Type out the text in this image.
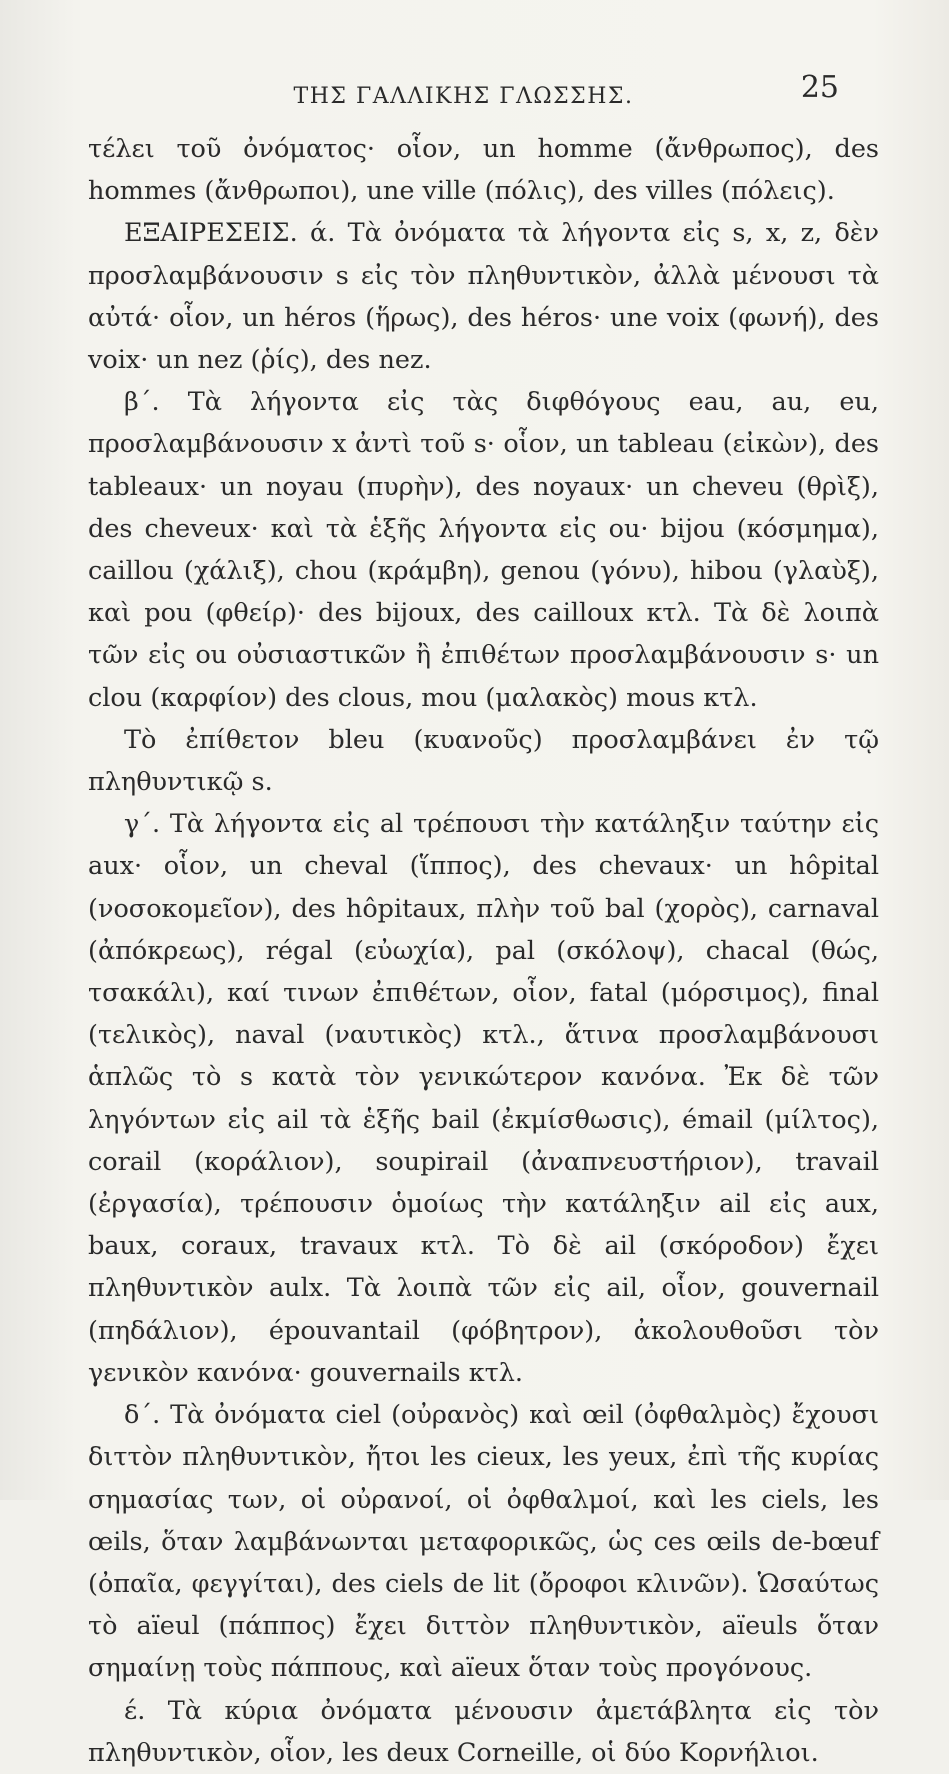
ΤΗΣ ΓΑΛΛΙΚΗΣ ΓΛΩΣΣΗΣ.	25

τέλει τοῦ ὀνόματος· οἷον, un homme (ἄνθρωπος), des hommes (ἄνθρωποι), une ville (πόλις), des villes (πόλεις).

ΕΞΑΙΡΕΣΕΙΣ. ά. Τὰ ὀνόματα τὰ λήγοντα εἰς s, x, z, δὲν προσλαμβάνουσιν s εἰς τὸν πληθυντικὸν, ἀλλὰ μένουσι τὰ αὐτά· οἷον, un héros (ἥρως), des héros· une voix (φωνή), des voix· un nez (ῥίς), des nez.

β΄. Τὰ λήγοντα εἰς τὰς διφθόγους eau, au, eu, προσλαμβάνουσιν x ἀντὶ τοῦ s· οἷον, un tableau (εἰκὼν), des tableaux· un noyau (πυρὴν), des noyaux· un cheveu (θρὶξ), des cheveux· καὶ τὰ ἑξῆς λήγοντα εἰς ou· bijou (κόσμημα), caillou (χάλιξ), chou (κράμβη), genou (γόνυ), hibou (γλαὺξ), καὶ pou (φθείρ)· des bijoux, des cailloux κτλ. Τὰ δὲ λοιπὰ τῶν εἰς ou οὐσιαστικῶν ἢ ἐπιθέτων προσλαμβάνουσιν s· un clou (καρφίον) des clous, mou (μαλακὸς) mous κτλ.

Τὸ ἐπίθετον bleu (κυανοῦς) προσλαμβάνει ἐν τῷ πληθυντικῷ s.

γ΄. Τὰ λήγοντα εἰς al τρέπουσι τὴν κατάληξιν ταύτην εἰς aux· οἷον, un cheval (ἵππος), des chevaux· un hôpital (νοσοκομεῖον), des hôpitaux, πλὴν τοῦ bal (χορὸς), carnaval (ἀπόκρεως), régal (εὐωχία), pal (σκόλοψ), chacal (θώς, τσακάλι), καί τινων ἐπιθέτων, οἷον, fatal (μόρσιμος), final (τελικὸς), naval (ναυτικὸς) κτλ., ἅτινα προσλαμβάνουσι ἁπλῶς τὸ s κατὰ τὸν γενικώτερον κανόνα. Ἐκ δὲ τῶν ληγόντων εἰς ail τὰ ἑξῆς bail (ἐκμίσθωσις), émail (μίλτος), corail (κοράλιον), soupirail (ἀναπνευστήριον), travail (ἐργασία), τρέπουσιν ὁμοίως τὴν κατάληξιν ail εἰς aux, baux, coraux, travaux κτλ. Τὸ δὲ ail (σκόροδον) ἔχει πληθυντικὸν aulx. Τὰ λοιπὰ τῶν εἰς ail, οἷον, gouvernail (πηδάλιον), épouvantail (φόβητρον), ἀκολουθοῦσι τὸν γενικὸν κανόνα· gouvernails κτλ.

δ΄. Τὰ ὀνόματα ciel (οὐρανὸς) καὶ œil (ὀφθαλμὸς) ἔχουσι διττὸν πληθυντικὸν, ἤτοι les cieux, les yeux, ἐπὶ τῆς κυρίας σημασίας των, οἱ οὐρανοί, οἱ ὀφθαλμοί, καὶ les ciels, les œils, ὅταν λαμβάνωνται μεταφορικῶς, ὡς ces œils de-bœuf (ὀπαῖα, φεγγίται), des ciels de lit (ὄροφοι κλινῶν). Ὡσαύτως τὸ aïeul (πάππος) ἔχει διττὸν πληθυντικὸν, aïeuls ὅταν σημαίνῃ τοὺς πάππους, καὶ aïeux ὅταν τοὺς προγόνους.

έ. Τὰ κύρια ὀνόματα μένουσιν ἀμετάβλητα εἰς τὸν πληθυντικὸν, οἷον, les deux Corneille, οἱ δύο Κορνήλιοι.
